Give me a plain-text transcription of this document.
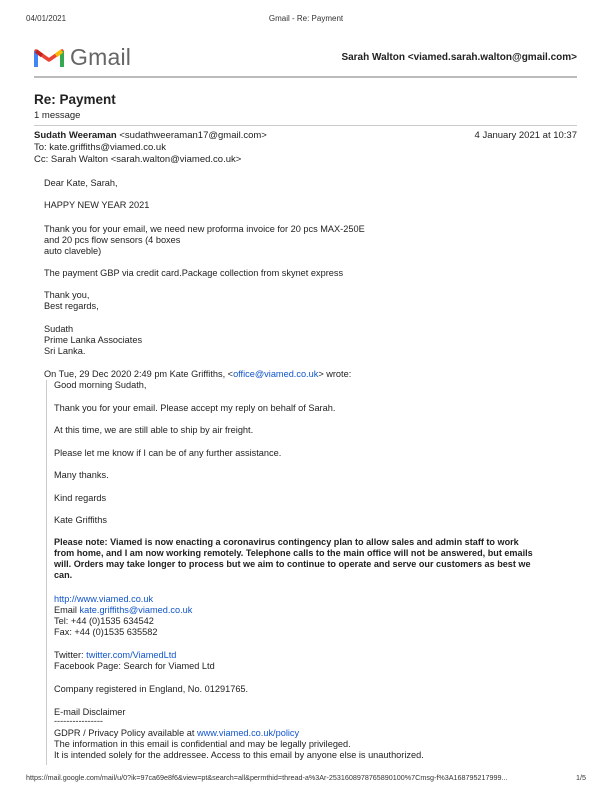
04/01/2021	Gmail - Re: Payment
Gmail	Sarah Walton <viamed.sarah.walton@gmail.com>
Re: Payment
1 message
Sudath Weeraman <sudathweeraman17@gmail.com>	4 January 2021 at 10:37
To: kate.griffiths@viamed.co.uk
Cc: Sarah Walton <sarah.walton@viamed.co.uk>
Dear Kate, Sarah,
HAPPY NEW YEAR 2021
Thank you for your email, we need new proforma invoice for 20 pcs MAX-250E
and 20 pcs flow sensors (4 boxes
auto claveble)
The payment GBP via credit card.Package collection from skynet express
Thank you,
Best regards,
Sudath
Prime Lanka Associates
Sri Lanka.
On Tue, 29 Dec 2020 2:49 pm Kate Griffiths, <office@viamed.co.uk> wrote:
Good morning Sudath,
Thank you for your email. Please accept my reply on behalf of Sarah.
At this time, we are still able to ship by air freight.
Please let me know if I can be of any further assistance.
Many thanks.
Kind regards
Kate Griffiths
Please note: Viamed is now enacting a coronavirus contingency plan to allow sales and admin staff to work
from home, and I am now working remotely. Telephone calls to the main office will not be answered, but emails
will. Orders may take longer to process but we aim to continue to operate and serve our customers as best we
can.
http://www.viamed.co.uk
Email kate.griffiths@viamed.co.uk
Tel: +44 (0)1535 634542
Fax: +44 (0)1535 635582
Twitter: twitter.com/ViamedLtd
Facebook Page: Search for Viamed Ltd
Company registered in England, No. 01291765.
E-mail Disclaimer
----------------
GDPR / Privacy Policy available at www.viamed.co.uk/policy
The information in this email is confidential and may be legally privileged.
It is intended solely for the addressee. Access to this email by anyone else is unauthorized.
https://mail.google.com/mail/u/0?ik=97ca69e8f6&view=pt&search=all&permthid=thread-a%3Ar-2531608978765890100%7Cmsg-f%3A168795217999...	1/5
